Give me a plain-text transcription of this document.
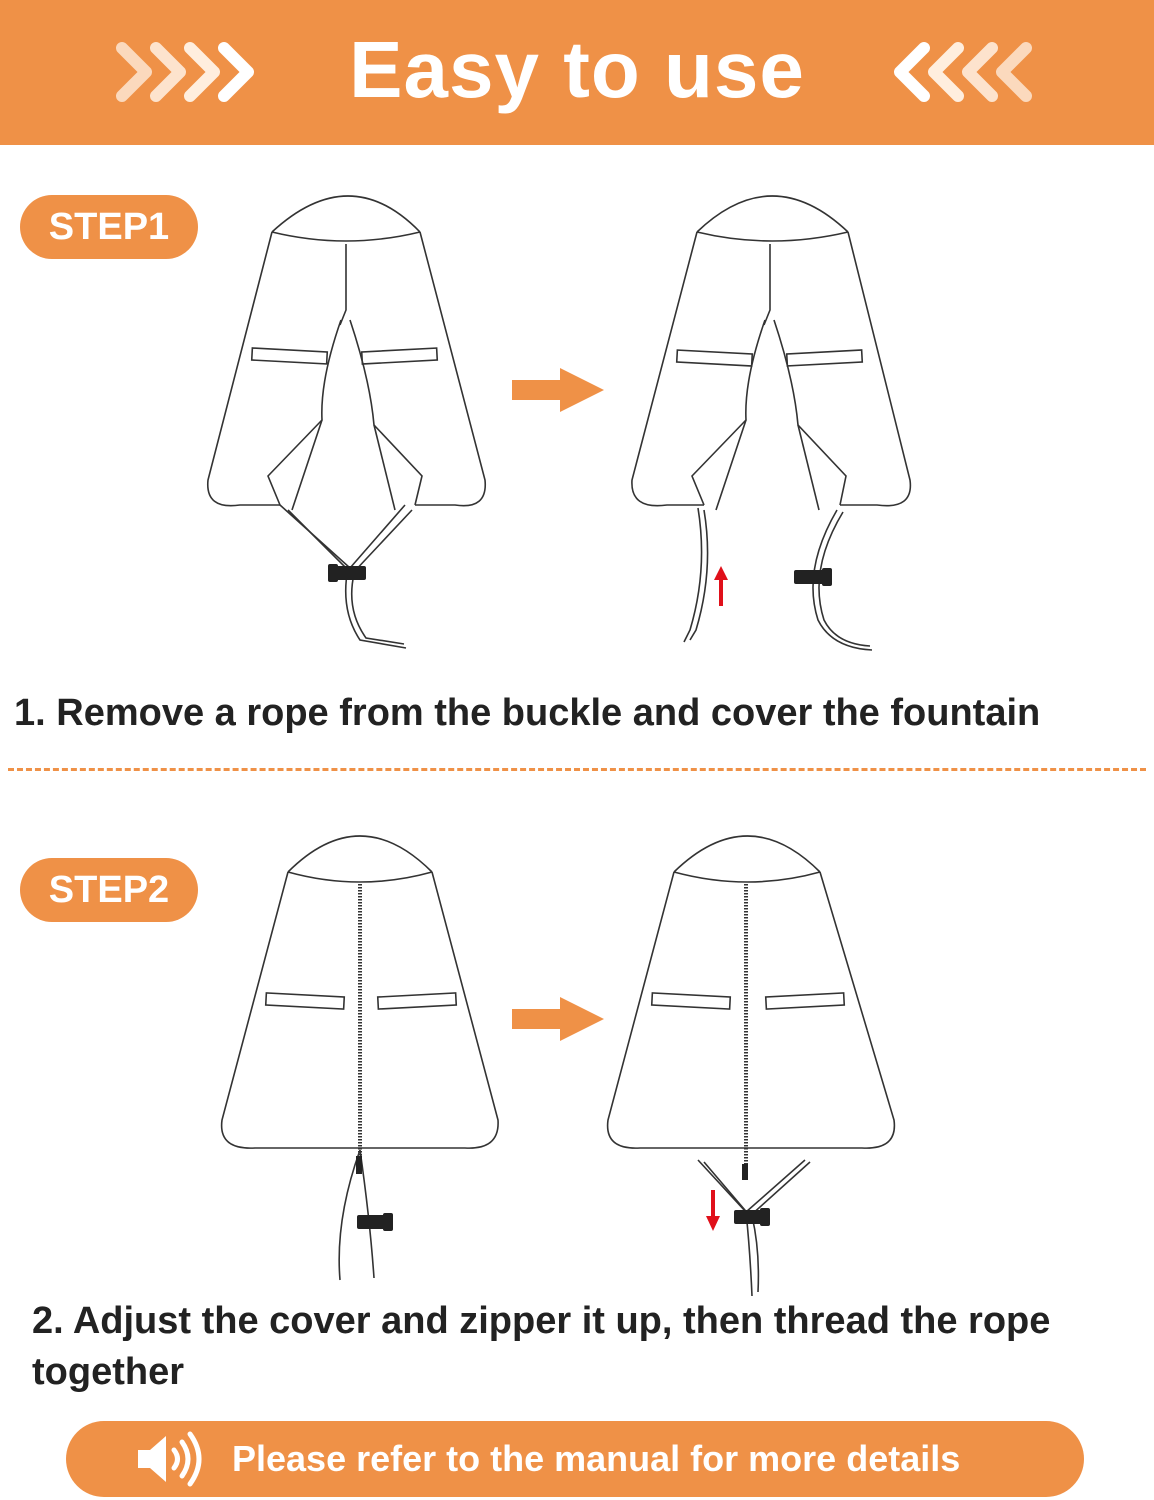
Easy to use
STEP1
1. Remove a rope from the buckle and cover the fountain
STEP2
2. Adjust the cover and zipper it up, then thread the rope
together
Please refer to the manual for more details
